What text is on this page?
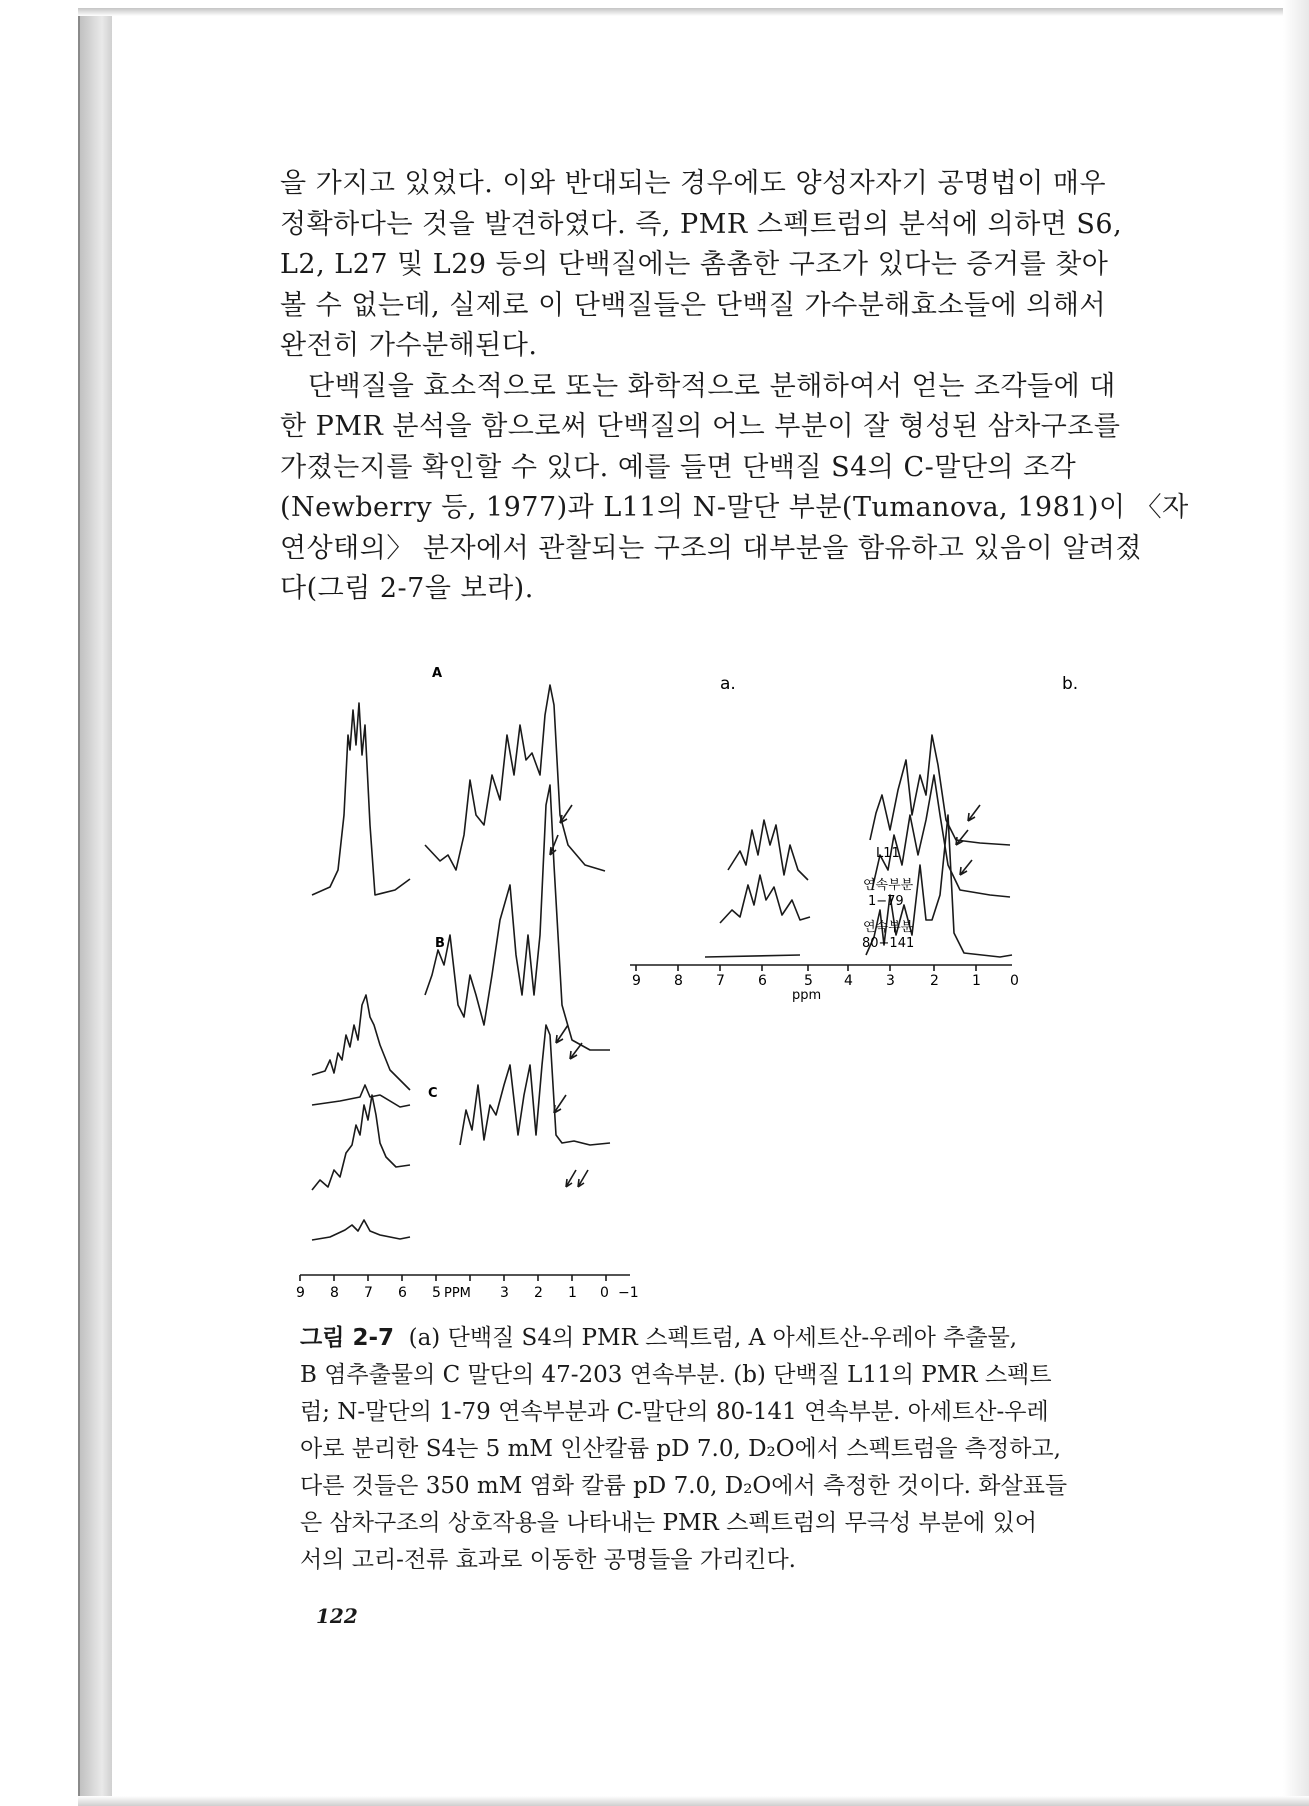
을 가지고 있었다. 이와 반대되는 경우에도 양성자자기 공명법이 매우
정확하다는 것을 발견하였다. 즉, PMR 스펙트럼의 분석에 의하면 S6,
L2, L27 및 L29 등의 단백질에는 촘촘한 구조가 있다는 증거를 찾아
볼 수 없는데, 실제로 이 단백질들은 단백질 가수분해효소들에 의해서
완전히 가수분해된다.

단백질을 효소적으로 또는 화학적으로 분해하여서 얻는 조각들에 대
한 PMR 분석을 함으로써 단백질의 어느 부분이 잘 형성된 삼차구조를
가졌는지를 확인할 수 있다. 예를 들면 단백질 S4의 C-말단의 조각
(Newberry 등, 1977)과 L11의 N-말단 부분(Tumanova, 1981)이 〈자
연상태의〉 분자에서 관찰되는 구조의 대부분을 함유하고 있음이 알려졌
다(그림 2-7을 보라).

A
B
C
9 8 7 6 5 PPM 3 2 1 0 −1
a.	b.
L11
연속부분
1−79
연속부분
80−141
9 8 7 6	5 4 3	2 1 0
ppm
그림 2-7 (a) 단백질 S4의 PMR 스펙트럼, A 아세트산-우레아 추출물,
B 염추출물의 C 말단의 47-203 연속부분. (b) 단백질 L11의 PMR 스펙트
럼; N-말단의 1-79 연속부분과 C-말단의 80-141 연속부분. 아세트산-우레
아로 분리한 S4는 5 mM 인산칼륨 pD 7.0, D₂O에서 스펙트럼을 측정하고,
다른 것들은 350 mM 염화 칼륨 pD 7.0, D₂O에서 측정한 것이다. 화살표들
은 삼차구조의 상호작용을 나타내는 PMR 스펙트럼의 무극성 부분에 있어
서의 고리-전류 효과로 이동한 공명들을 가리킨다.
122
